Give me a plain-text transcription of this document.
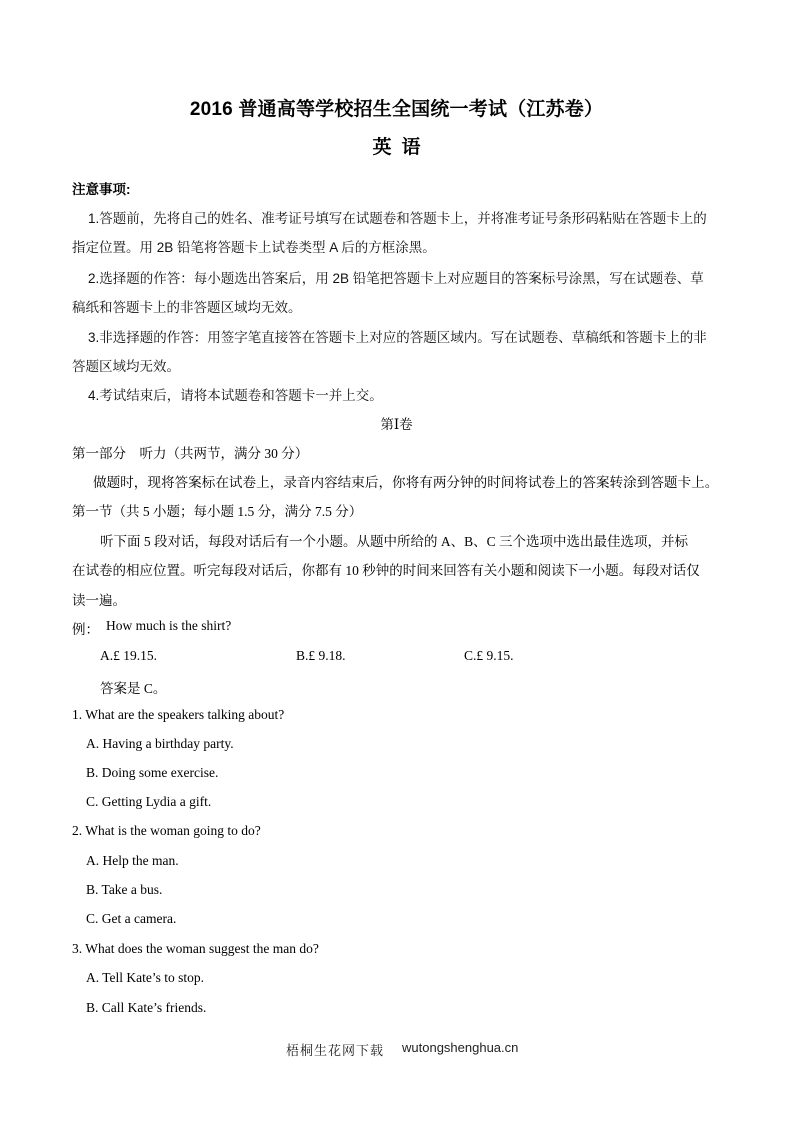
2016 普通高等学校招生全国统一考试（江苏卷）
英语
注意事项:
1.答题前，先将自己的姓名、准考证号填写在试题卷和答题卡上，并将准考证号条形码粘贴在答题卡上的
指定位置。用 2B 铅笔将答题卡上试卷类型 A 后的方框涂黑。
2.选择题的作答：每小题选出答案后，用 2B 铅笔把答题卡上对应题目的答案标号涂黑，写在试题卷、草
稿纸和答题卡上的非答题区域均无效。
3.非选择题的作答：用签字笔直接答在答题卡上对应的答题区域内。写在试题卷、草稿纸和答题卡上的非
答题区域均无效。
4.考试结束后，请将本试题卷和答题卡一并上交。
第Ⅰ卷
第一部分　听力（共两节，满分 30 分）
做题时，现将答案标在试卷上，录音内容结束后，你将有两分钟的时间将试卷上的答案转涂到答题卡上。
第一节（共 5 小题；每小题 1.5 分，满分 7.5 分）
听下面 5 段对话，每段对话后有一个小题。从题中所给的 A、B、C 三个选项中选出最佳选项，并标
在试卷的相应位置。听完每段对话后，你都有 10 秒钟的时间来回答有关小题和阅读下一小题。每段对话仅
读一遍。
例： How much is the shirt?
A.£ 19.15.	B.£ 9.18.	C.£ 9.15.
答案是 C。
1. What are the speakers talking about?
A. Having a birthday party.
B. Doing some exercise.
C. Getting Lydia a gift.
2. What is the woman going to do?
A. Help the man.
B. Take a bus.
C. Get a camera.
3. What does the woman suggest the man do?
A. Tell Kate’s to stop.
B. Call Kate’s friends.
梧桐生花网下载 wutongshenghua.cn
